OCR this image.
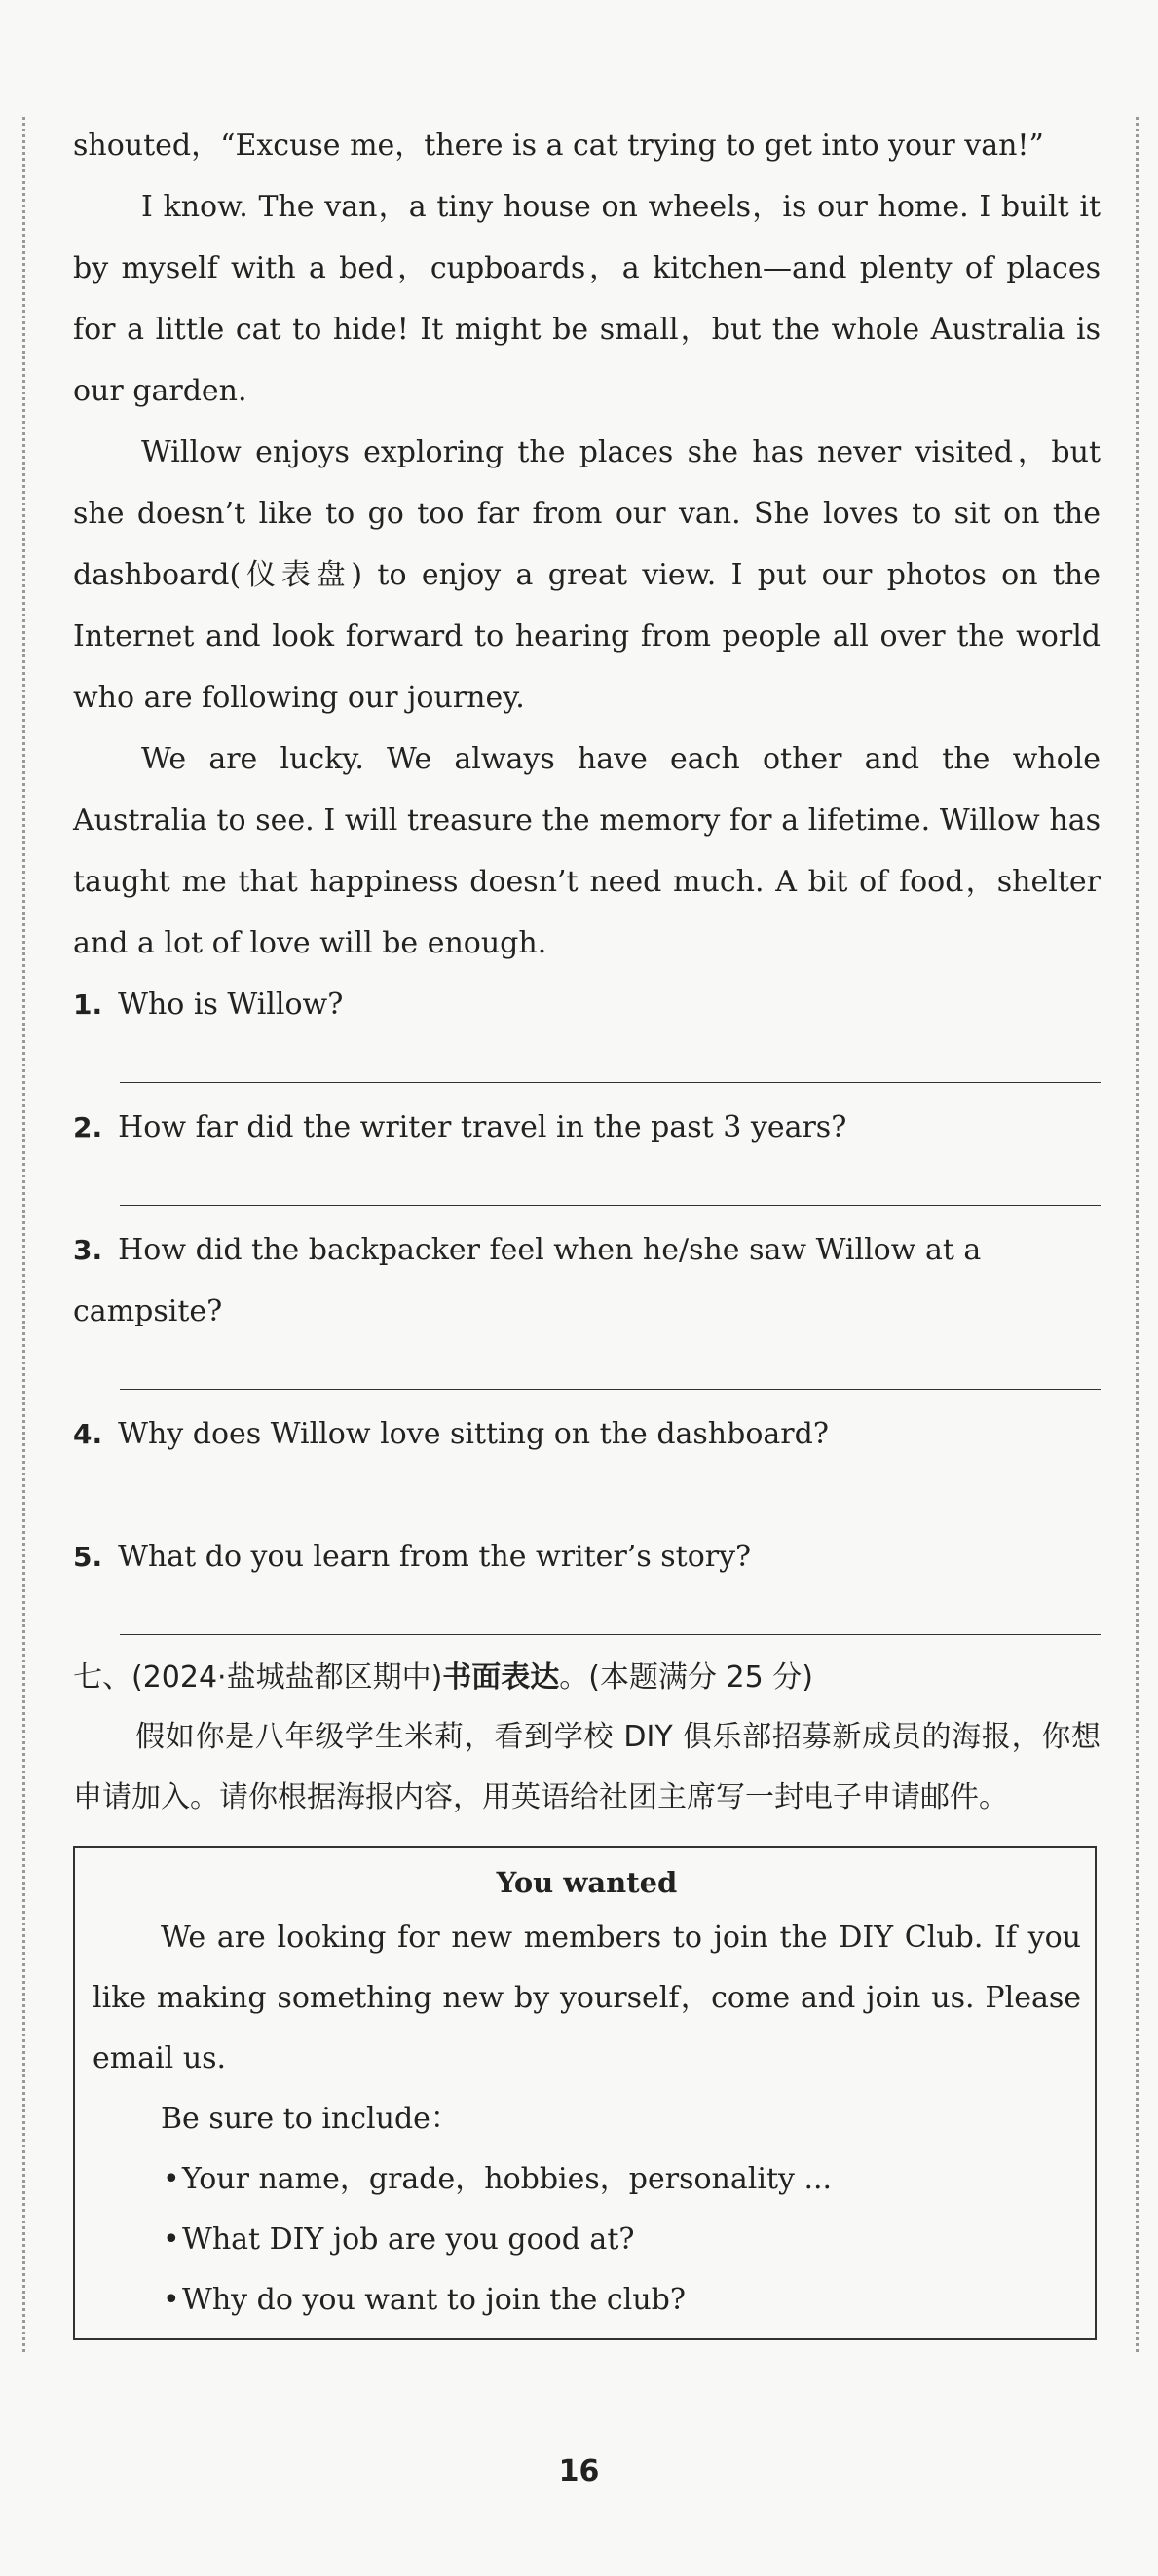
shouted，“Excuse me，there is a cat trying to get into your van!”

I know. The van，a tiny house on wheels，is our home. I built it by myself with a bed，cupboards，a kitchen—and plenty of places for a little cat to hide! It might be small，but the whole Australia is our garden.

Willow enjoys exploring the places she has never visited，but she doesn’t like to go too far from our van. She loves to sit on the dashboard(仪表盘) to enjoy a great view. I put our photos on the Internet and look forward to hearing from people all over the world who are following our journey.

We are lucky. We always have each other and the whole Australia to see. I will treasure the memory for a lifetime. Willow has taught me that happiness doesn’t need much. A bit of food，shelter and a lot of love will be enough.

1. Who is Willow?

2. How far did the writer travel in the past 3 years?

3. How did the backpacker feel when he/she saw Willow at a campsite?

4. Why does Willow love sitting on the dashboard?

5. What do you learn from the writer’s story?

七、(2024·盐城盐都区期中)书面表达。(本题满分 25 分)

假如你是八年级学生米莉，看到学校 DIY 俱乐部招募新成员的海报，你想申请加入。请你根据海报内容，用英语给社团主席写一封电子申请邮件。

You wanted

We are looking for new members to join the DIY Club. If you like making something new by yourself，come and join us. Please email us.

Be sure to include：
• Your name，grade，hobbies，personality ...
• What DIY job are you good at?
• Why do you want to join the club?
16
